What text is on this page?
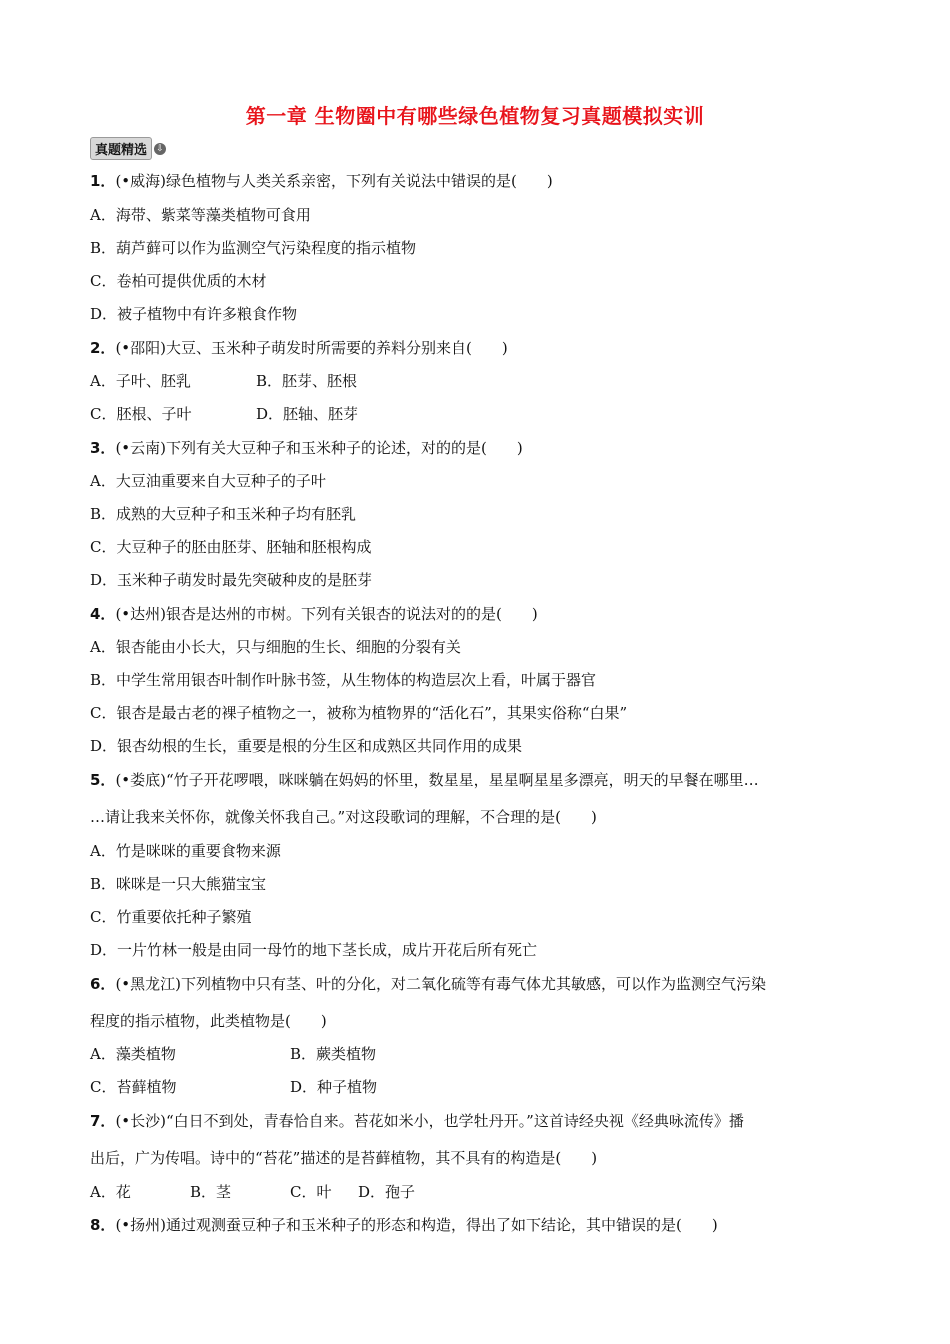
第一章 生物圈中有哪些绿色植物复习真题模拟实训
真题精选	⇩
1．(•威海)绿色植物与人类关系亲密，下列有关说法中错误的是(　　)
A．海带、紫菜等藻类植物可食用
B．葫芦藓可以作为监测空气污染程度的指示植物
C．卷柏可提供优质的木材
D．被子植物中有许多粮食作物
2．(•邵阳)大豆、玉米种子萌发时所需要的养料分别来自(　　)
A．子叶、胚乳	B．胚芽、胚根
C．胚根、子叶	D．胚轴、胚芽
3．(•云南)下列有关大豆种子和玉米种子的论述，对的的是(　　)
A．大豆油重要来自大豆种子的子叶
B．成熟的大豆种子和玉米种子均有胚乳
C．大豆种子的胚由胚芽、胚轴和胚根构成
D．玉米种子萌发时最先突破种皮的是胚芽
4．(•达州)银杏是达州的市树。下列有关银杏的说法对的的是(　　)
A．银杏能由小长大，只与细胞的生长、细胞的分裂有关
B．中学生常用银杏叶制作叶脉书签，从生物体的构造层次上看，叶属于器官
C．银杏是最古老的裸子植物之一，被称为植物界的“活化石”，其果实俗称“白果”
D．银杏幼根的生长，重要是根的分生区和成熟区共同作用的成果
5．(•娄底)“竹子开花啰喂，咪咪躺在妈妈的怀里，数星星，星星啊星星多漂亮，明天的早餐在哪里…
…请让我来关怀你，就像关怀我自己。”对这段歌词的理解，不合理的是(　　)
A．竹是咪咪的重要食物来源
B．咪咪是一只大熊猫宝宝
C．竹重要依托种子繁殖
D．一片竹林一般是由同一母竹的地下茎长成，成片开花后所有死亡
6．(•黑龙江)下列植物中只有茎、叶的分化，对二氧化硫等有毒气体尤其敏感，可以作为监测空气污染
程度的指示植物，此类植物是(　　)
A．藻类植物	B．蕨类植物
C．苔藓植物	D．种子植物
7．(•长沙)“白日不到处，青春恰自来。苔花如米小，也学牡丹开。”这首诗经央视《经典咏流传》播
出后，广为传唱。诗中的“苔花”描述的是苔藓植物，其不具有的构造是(　　)
A．花	B．茎	C．叶 D．孢子
8．(•扬州)通过观测蚕豆种子和玉米种子的形态和构造，得出了如下结论，其中错误的是(　　)
